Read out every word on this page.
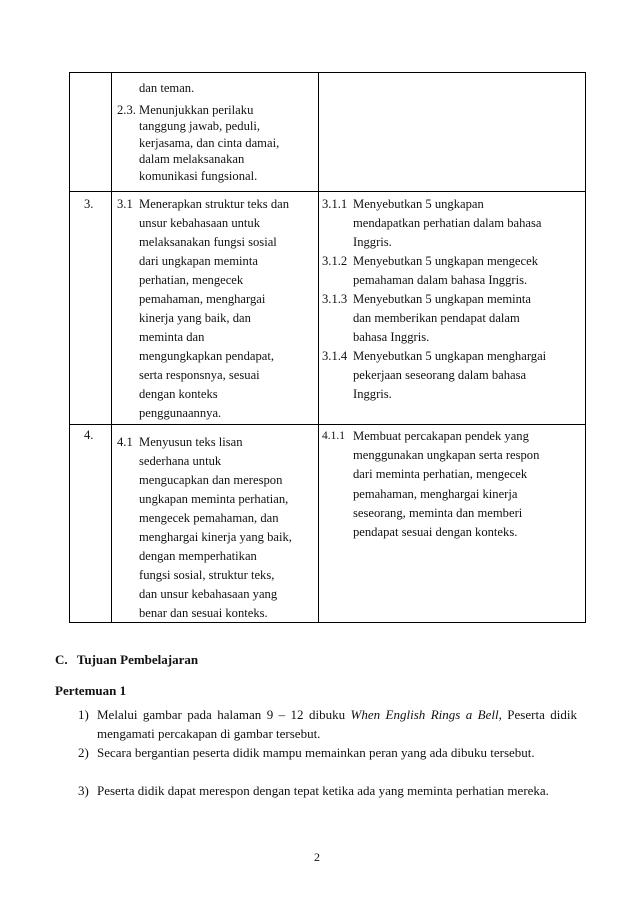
dan teman.
2.3. Menunjukkan perilaku
tanggung jawab, peduli,
kerjasama, dan cinta damai,
dalam melaksanakan
komunikasi fungsional.
3. 3.1 Menerapkan struktur teks dan
unsur kebahasaan untuk
melaksanakan fungsi sosial
dari ungkapan meminta
perhatian, mengecek
pemahaman, menghargai
kinerja yang baik, dan
meminta dan
mengungkapkan pendapat,
serta responsnya, sesuai
dengan konteks
penggunaannya.
3.1.1 Menyebutkan 5 ungkapan
mendapatkan perhatian dalam bahasa
Inggris.
3.1.2 Menyebutkan 5 ungkapan mengecek
pemahaman dalam bahasa Inggris.
3.1.3 Menyebutkan 5 ungkapan meminta
dan memberikan pendapat dalam
bahasa Inggris.
3.1.4 Menyebutkan 5 ungkapan menghargai
pekerjaan seseorang dalam bahasa
Inggris.
4. 4.1 Menyusun teks lisan
sederhana untuk
mengucapkan dan merespon
ungkapan meminta perhatian,
mengecek pemahaman, dan
menghargai kinerja yang baik,
dengan memperhatikan
fungsi sosial, struktur teks,
dan unsur kebahasaan yang
benar dan sesuai konteks.
4.1.1 Membuat percakapan pendek yang
menggunakan ungkapan serta respon
dari meminta perhatian, mengecek
pemahaman, menghargai kinerja
seseorang, meminta dan memberi
pendapat sesuai dengan konteks.
C. Tujuan Pembelajaran
Pertemuan 1
1) Melalui gambar pada halaman 9 – 12 dibuku When English Rings a Bell, Peserta didik mengamati percakapan di gambar tersebut.
2) Secara bergantian peserta didik mampu memainkan peran yang ada dibuku tersebut.
3) Peserta didik dapat merespon dengan tepat ketika ada yang meminta perhatian mereka.
2
